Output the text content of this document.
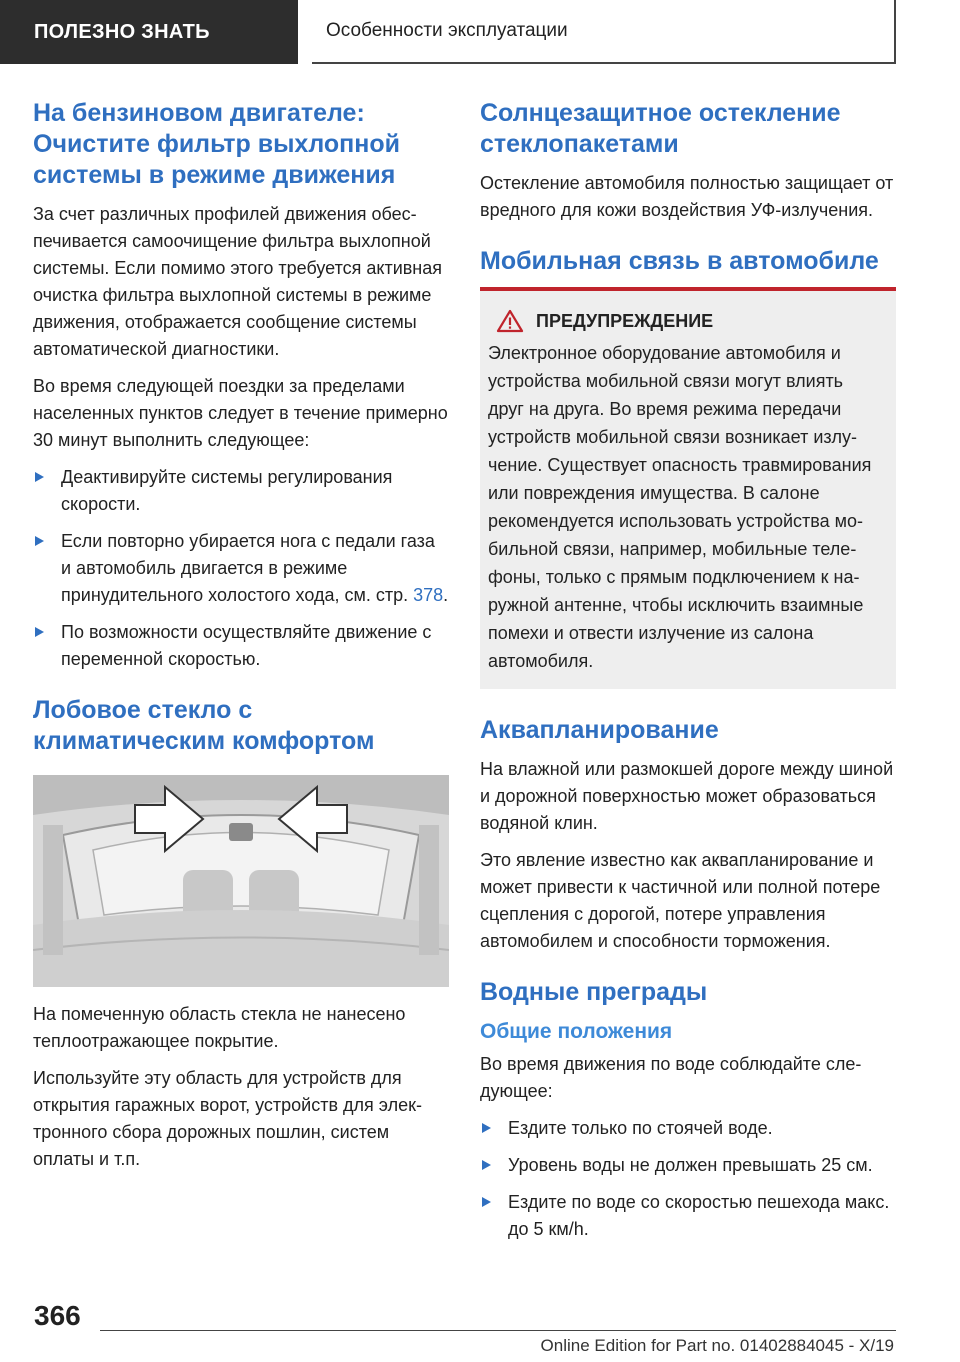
ПОЛЕЗНО ЗНАТЬ	Особенности эксплуатации
На бензиновом двигателе: Очистите фильтр выхлопной системы в режиме движения

За счет различных профилей движения обеспечивается самоочищение фильтра выхлопной системы. Если помимо этого требуется активная очистка фильтра выхлопной системы в режиме движения, отображается сообщение системы автоматической диагностики.

Во время следующей поездки за пределами населенных пунктов следует в течение примерно 30 минут выполнить следующее:

Деактивируйте системы регулирования скорости.
Если повторно убирается нога с педали газа и автомобиль двигается в режиме принудительного холостого хода, см. стр. 378.
По возможности осуществляйте движение с переменной скоростью.
Лобовое стекло с климатическим комфортом

На помеченную область стекла не нанесено теплоотражающее покрытие.

Используйте эту область для устройств для открытия гаражных ворот, устройств для электронного сбора дорожных пошлин, систем оплаты и т.п.

Солнцезащитное остекление стеклопакетами

Остекление автомобиля полностью защищает от вредного для кожи воздействия УФ-излучения.

Мобильная связь в автомобиле
ПРЕДУПРЕЖДЕНИЕ

Электронное оборудование автомобиля и устройства мобильной связи могут влиять друг на друга. Во время режима передачи устройств мобильной связи возникает излучение. Существует опасность травмирования или повреждения имущества. В салоне рекомендуется использовать устройства мобильной связи, например, мобильные телефоны, только с прямым подключением к наружной антенне, чтобы исключить взаимные помехи и отвести излучение из салона автомобиля.

Аквапланирование

На влажной или размокшей дороге между шиной и дорожной поверхностью может образоваться водяной клин.

Это явление известно как аквапланирование и может привести к частичной или полной потере сцепления с дорогой, потере управления автомобилем и способности торможения.

Водные преграды
Общие положения

Во время движения по воде соблюдайте следующее:

Ездите только по стоячей воде.
Уровень воды не должен превышать 25 см.
Ездите по воде со скоростью пешехода макс. до 5 км/h.
366
Online Edition for Part no. 01402884045 - X/19
